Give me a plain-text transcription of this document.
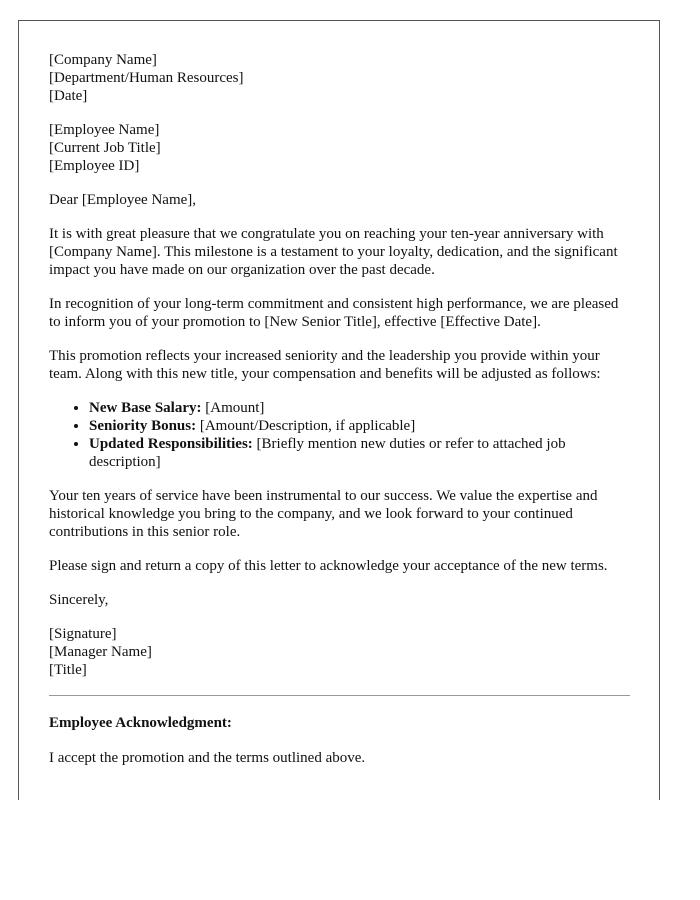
[Company Name]
[Department/Human Resources]
[Date]
[Employee Name]
[Current Job Title]
[Employee ID]

Dear [Employee Name],

It is with great pleasure that we congratulate you on reaching your ten-year anniversary with [Company Name]. This milestone is a testament to your loyalty, dedication, and the significant impact you have made on our organization over the past decade.

In recognition of your long-term commitment and consistent high performance, we are pleased to inform you of your promotion to [New Senior Title], effective [Effective Date].

This promotion reflects your increased seniority and the leadership you provide within your team. Along with this new title, your compensation and benefits will be adjusted as follows:

• New Base Salary: [Amount]
• Seniority Bonus: [Amount/Description, if applicable]
• Updated Responsibilities: [Briefly mention new duties or refer to attached job description]

Your ten years of service have been instrumental to our success. We value the expertise and historical knowledge you bring to the company, and we look forward to your continued contributions in this senior role.

Please sign and return a copy of this letter to acknowledge your acceptance of the new terms.

Sincerely,

[Signature]
[Manager Name]
[Title]
Employee Acknowledgment:
I accept the promotion and the terms outlined above.
